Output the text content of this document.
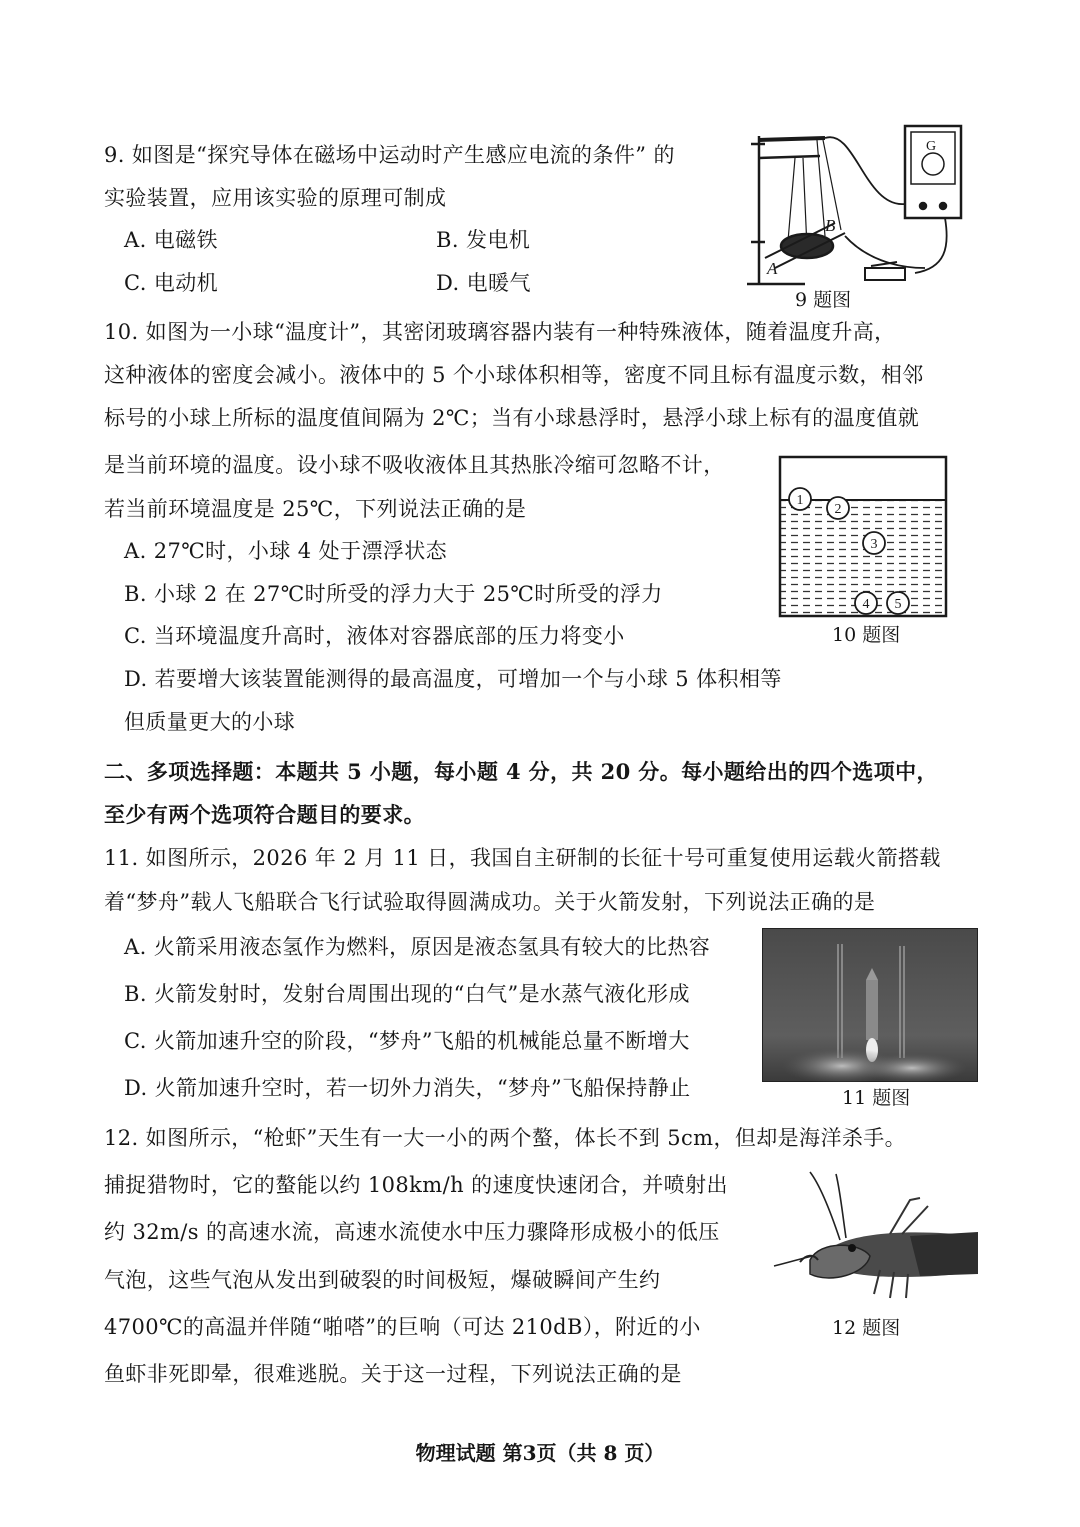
9. 如图是“探究导体在磁场中运动时产生感应电流的条件” 的
实验装置，应用该实验的原理可制成
A. 电磁铁	B. 发电机
C. 电动机	D. 电暖气
G
A
B
9 题图
10. 如图为一小球“温度计”，其密闭玻璃容器内装有一种特殊液体，随着温度升高，
这种液体的密度会减小。液体中的 5 个小球体积相等，密度不同且标有温度示数，相邻
标号的小球上所标的温度值间隔为 2℃；当有小球悬浮时，悬浮小球上标有的温度值就
是当前环境的温度。设小球不吸收液体且其热胀冷缩可忽略不计，
若当前环境温度是 25℃，下列说法正确的是
A. 27℃时，小球 4 处于漂浮状态
B. 小球 2 在 27℃时所受的浮力大于 25℃时所受的浮力
C. 当环境温度升高时，液体对容器底部的压力将变小
D. 若要增大该装置能测得的最高温度，可增加一个与小球 5 体积相等
但质量更大的小球
1
2
3
4 5
10 题图
二、多项选择题：本题共 5 小题，每小题 4 分，共 20 分。每小题给出的四个选项中，
至少有两个选项符合题目的要求。
11. 如图所示，2026 年 2 月 11 日，我国自主研制的长征十号可重复使用运载火箭搭载
着“梦舟”载人飞船联合飞行试验取得圆满成功。关于火箭发射，下列说法正确的是
A. 火箭采用液态氢作为燃料，原因是液态氢具有较大的比热容
B. 火箭发射时，发射台周围出现的“白气”是水蒸气液化形成
C. 火箭加速升空的阶段，“梦舟”飞船的机械能总量不断增大
D. 火箭加速升空时，若一切外力消失，“梦舟”飞船保持静止	11 题图
12. 如图所示，“枪虾”天生有一大一小的两个螯，体长不到 5cm，但却是海洋杀手。
捕捉猎物时，它的螯能以约 108km/h 的速度快速闭合，并喷射出
约 32m/s 的高速水流，高速水流使水中压力骤降形成极小的低压
气泡，这些气泡从发出到破裂的时间极短，爆破瞬间产生约
4700℃的高温并伴随“啪嗒”的巨响（可达 210dB），附近的小
鱼虾非死即晕，很难逃脱。关于这一过程，下列说法正确的是
12 题图
物理试题 第3页（共 8 页）
